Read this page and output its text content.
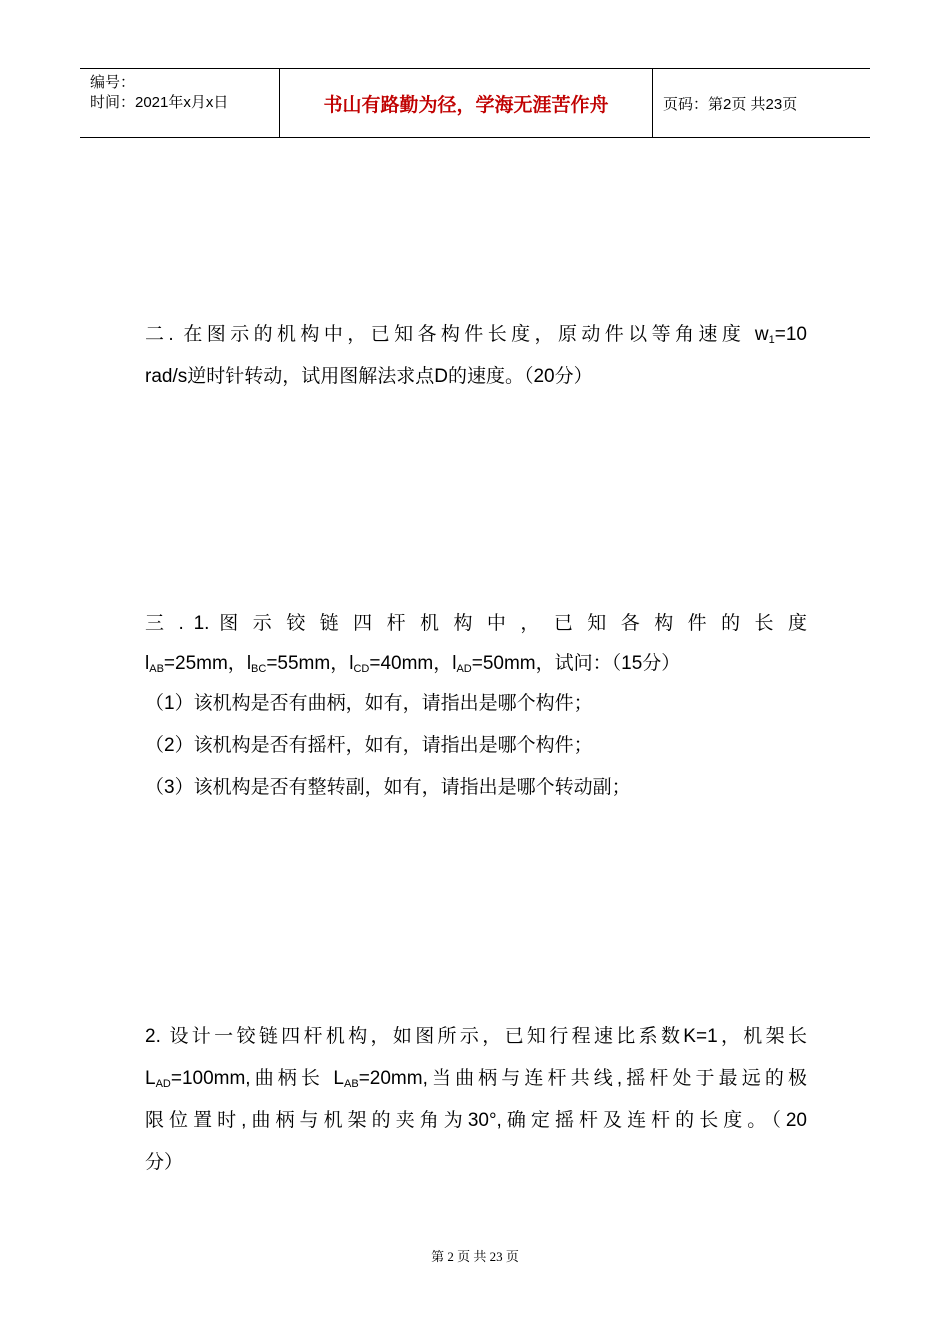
编号：
时间：2021年x月x日	书山有路勤为径，学海无涯苦作舟	页码：第2页 共23页

二. 在图示的机构中，已知各构件长度，原动件以等角速度 $w_1=10$

rad/s逆时针转动，试用图解法求点D的速度。（20分）

三 . 1. 图 示 铰 链 四 杆 机 构 中 ， 已 知 各 构 件 的 长 度

$l_{AB}=25mm$，$l_{BC}=55mm$，$l_{CD}=40mm$，$l_{AD}=50mm$，试问：（15分）

（1）该机构是否有曲柄，如有，请指出是哪个构件；

（2）该机构是否有摇杆，如有，请指出是哪个构件；

（3）该机构是否有整转副，如有，请指出是哪个转动副；

2. 设计一铰链四杆机构，如图所示，已知行程速比系数K=1，机架长

$L_{AD}=100mm$,曲柄长 $L_{AB}=20mm$,当曲柄与连杆共线,摇杆处于最远的极

限位置时,曲柄与机架的夹角为30°,确定摇杆及连杆的长度。（20

分）

第 2 页 共 23 页
